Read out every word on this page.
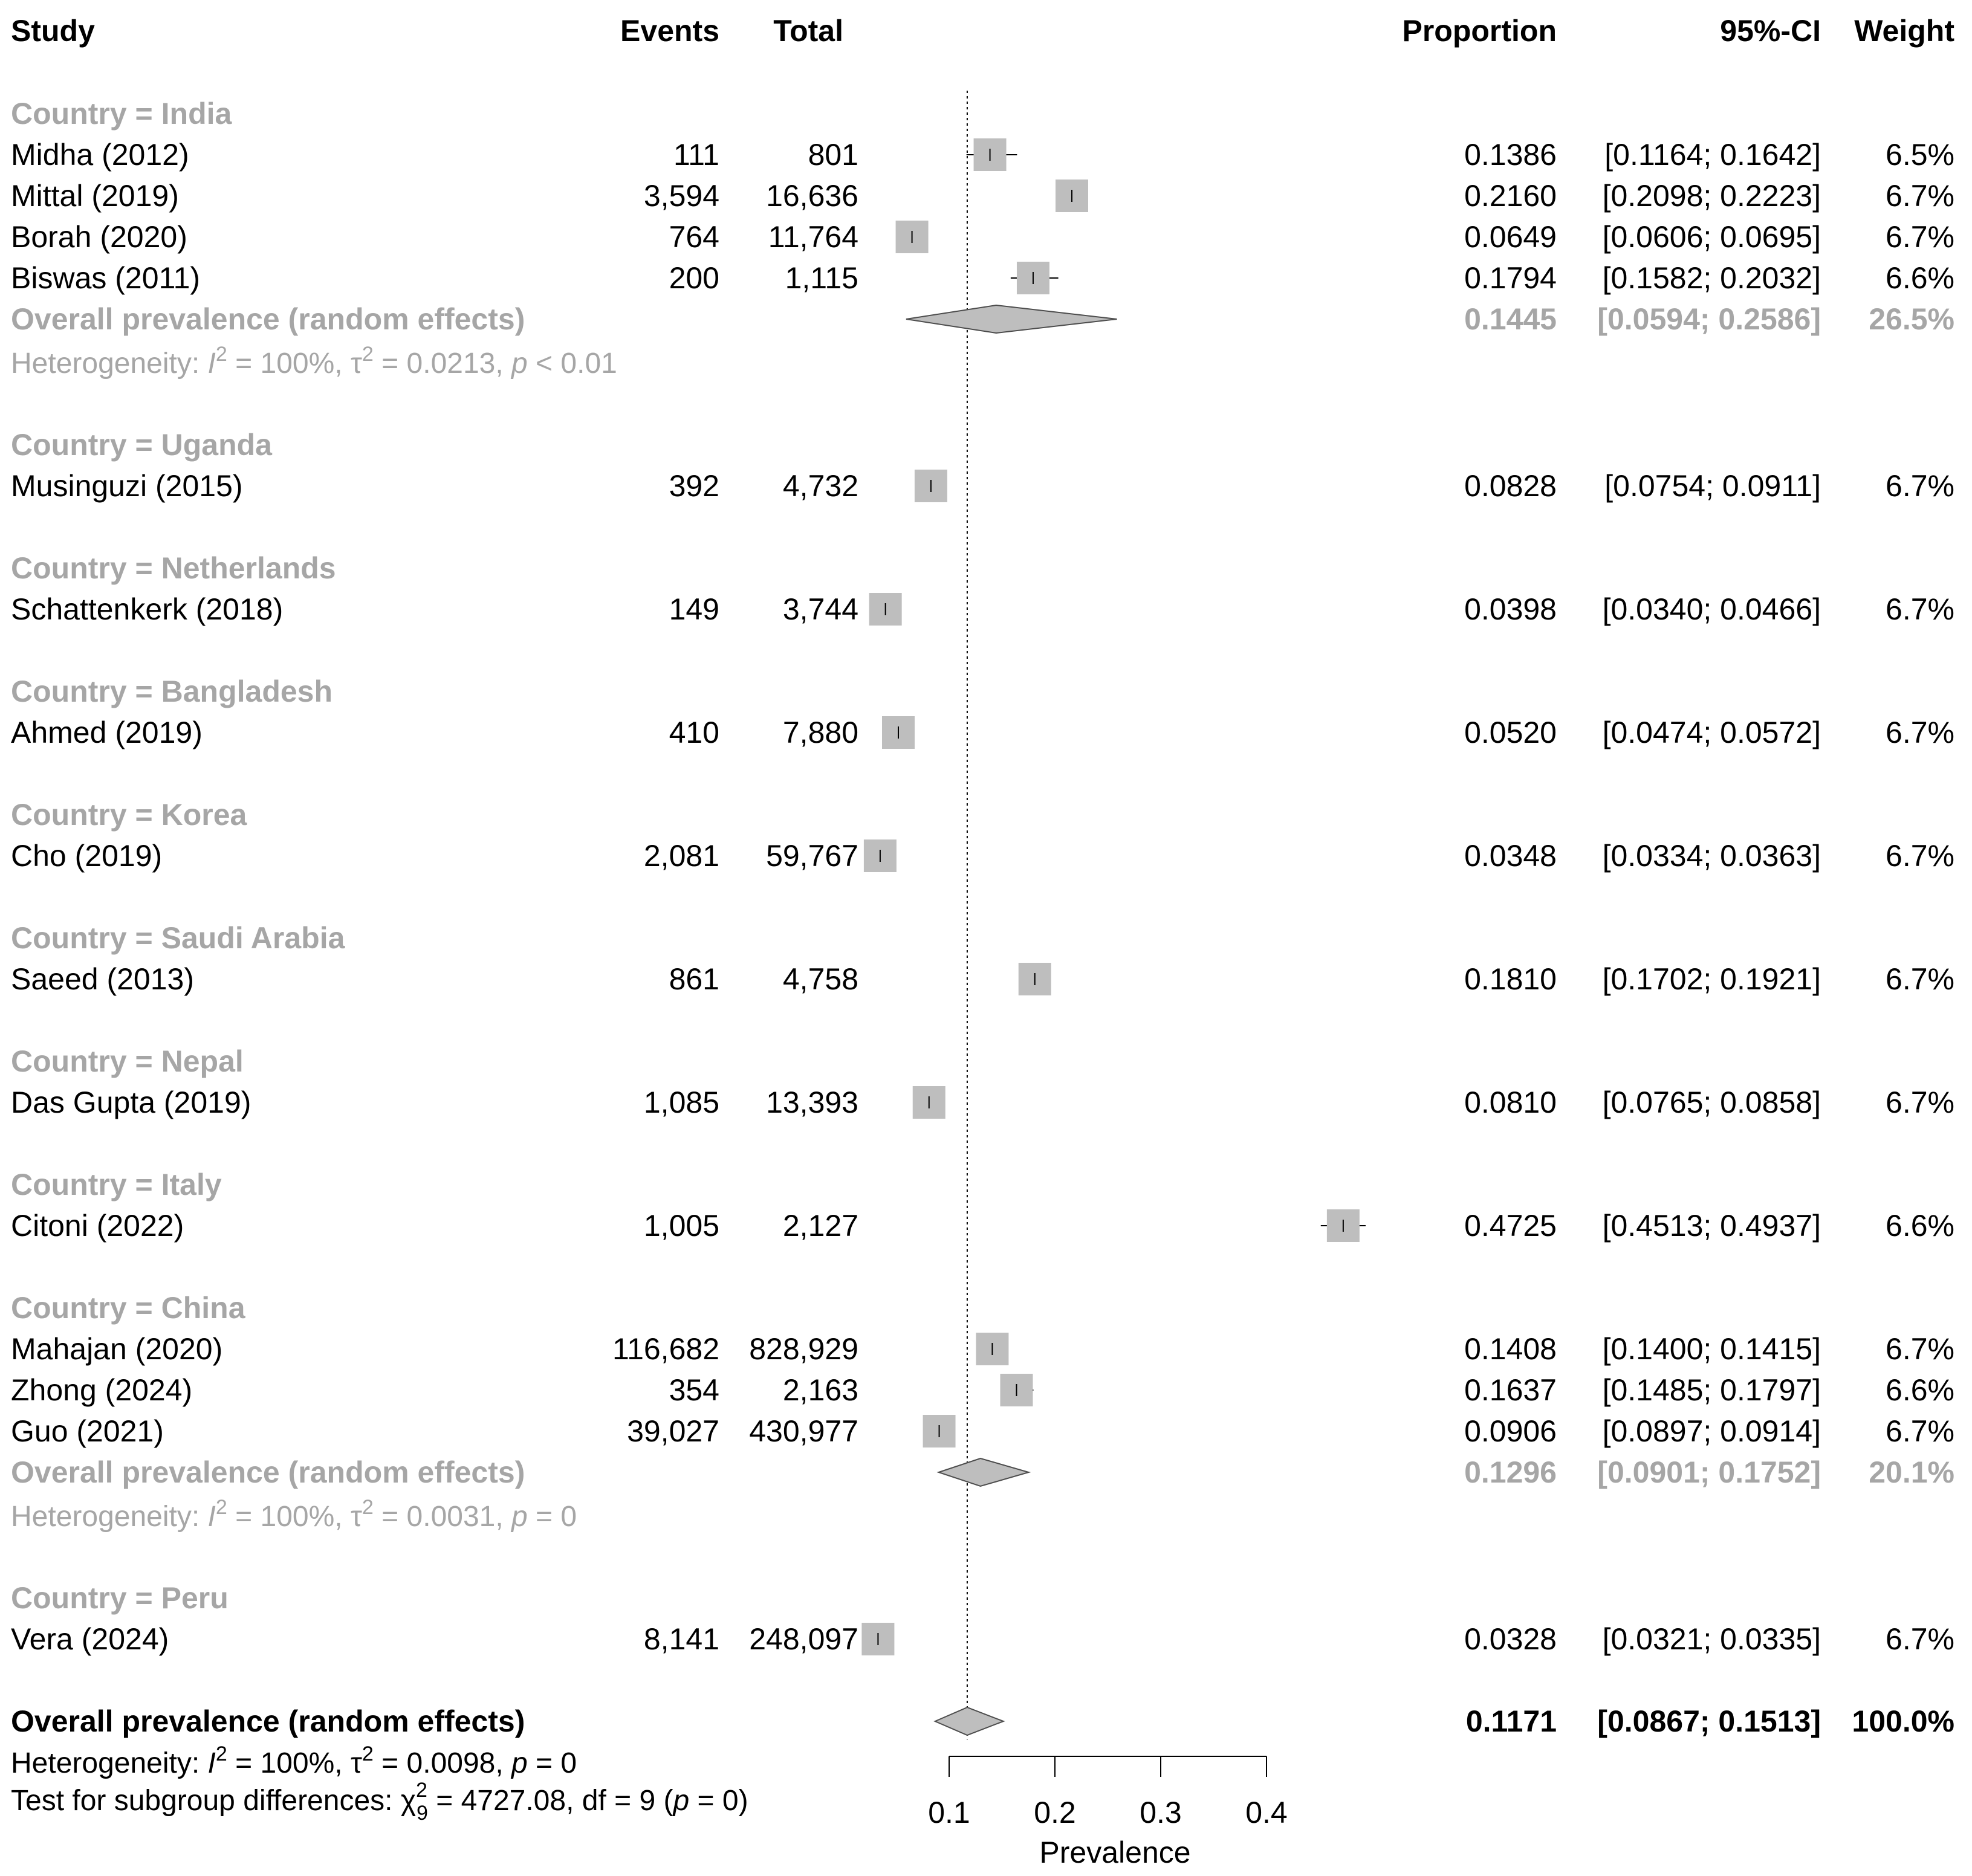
Study	Events Total	Proportion	95%-CI Weight
Country = India
Midha (2012)	111	801	0.1386 [0.1164; 0.1642] 6.5%
Mittal (2019)	3,594 16,636	0.2160 [0.2098; 0.2223] 6.7%
Borah (2020)	764 11,764	0.0649 [0.0606; 0.0695] 6.7%
Biswas (2011)	200 1,115	0.1794 [0.1582; 0.2032] 6.6%
Overall prevalence (random effects)	0.1445 [0.0594; 0.2586] 26.5%
Heterogeneity: $I^2 = 100\%$, $\tau^2 = 0.0213$, p < 0.01
Country = Uganda
Musinguzi (2015)	392 4,732	0.0828 [0.0754; 0.0911] 6.7%
Country = Netherlands
Schattenkerk (2018)	149 3,744	0.0398 [0.0340; 0.0466] 6.7%
Country = Bangladesh
Ahmed (2019)	410 7,880	0.0520 [0.0474; 0.0572] 6.7%
Country = Korea
Cho (2019)	2,081 59,767	0.0348 [0.0334; 0.0363] 6.7%
Country = Saudi Arabia
Saeed (2013)	861 4,758	0.1810 [0.1702; 0.1921] 6.7%
Country = Nepal
Das Gupta (2019)	1,085 13,393	0.0810 [0.0765; 0.0858] 6.7%
Country = Italy
Citoni (2022)	1,005 2,127	0.4725 [0.4513; 0.4937] 6.6%
Country = China
Mahajan (2020)	116,682 828,929	0.1408 [0.1400; 0.1415] 6.7%
Zhong (2024)	354 2,163	0.1637 [0.1485; 0.1797] 6.6%
Guo (2021)	39,027 430,977	0.0906 [0.0897; 0.0914] 6.7%
Overall prevalence (random effects)	0.1296 [0.0901; 0.1752] 20.1%
Heterogeneity: $I^2 = 100\%$, $\tau^2 = 0.0031$, p = 0
Country = Peru
Vera (2024)	8,141 248,097	0.0328 [0.0321; 0.0335] 6.7%
Overall prevalence (random effects)	0.1171 [0.0867; 0.1513] 100.0%
Heterogeneity: $I^2 = 100\%$, $\tau^2 = 0.0098$, p = 0
Test for subgroup differences: $\chi^2$ 9 = 4727.08, df = 9 (p = 0)	0.1 0.2 0.3 0.4
Prevalence
